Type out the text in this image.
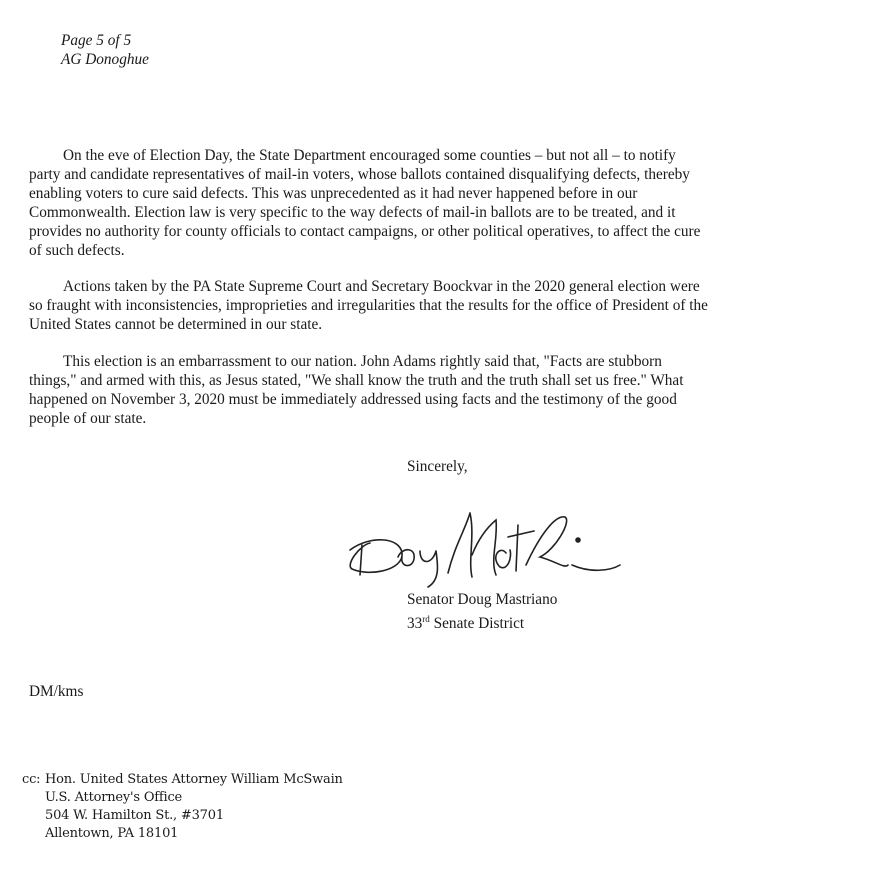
Page 5 of 5
AG Donoghue
On the eve of Election Day, the State Department encouraged some counties – but not all – to notify
party and candidate representatives of mail-in voters, whose ballots contained disqualifying defects, thereby
enabling voters to cure said defects. This was unprecedented as it had never happened before in our
Commonwealth. Election law is very specific to the way defects of mail-in ballots are to be treated, and it
provides no authority for county officials to contact campaigns, or other political operatives, to affect the cure
of such defects.
Actions taken by the PA State Supreme Court and Secretary Boockvar in the 2020 general election were
so fraught with inconsistencies, improprieties and irregularities that the results for the office of President of the
United States cannot be determined in our state.
This election is an embarrassment to our nation. John Adams rightly said that, "Facts are stubborn
things," and armed with this, as Jesus stated, "We shall know the truth and the truth shall set us free." What
happened on November 3, 2020 must be immediately addressed using facts and the testimony of the good
people of our state.
Sincerely,
Senator Doug Mastriano
33rd Senate District
DM/kms
cc: Hon. United States Attorney William McSwain
U.S. Attorney's Office
504 W. Hamilton St., #3701
Allentown, PA 18101
